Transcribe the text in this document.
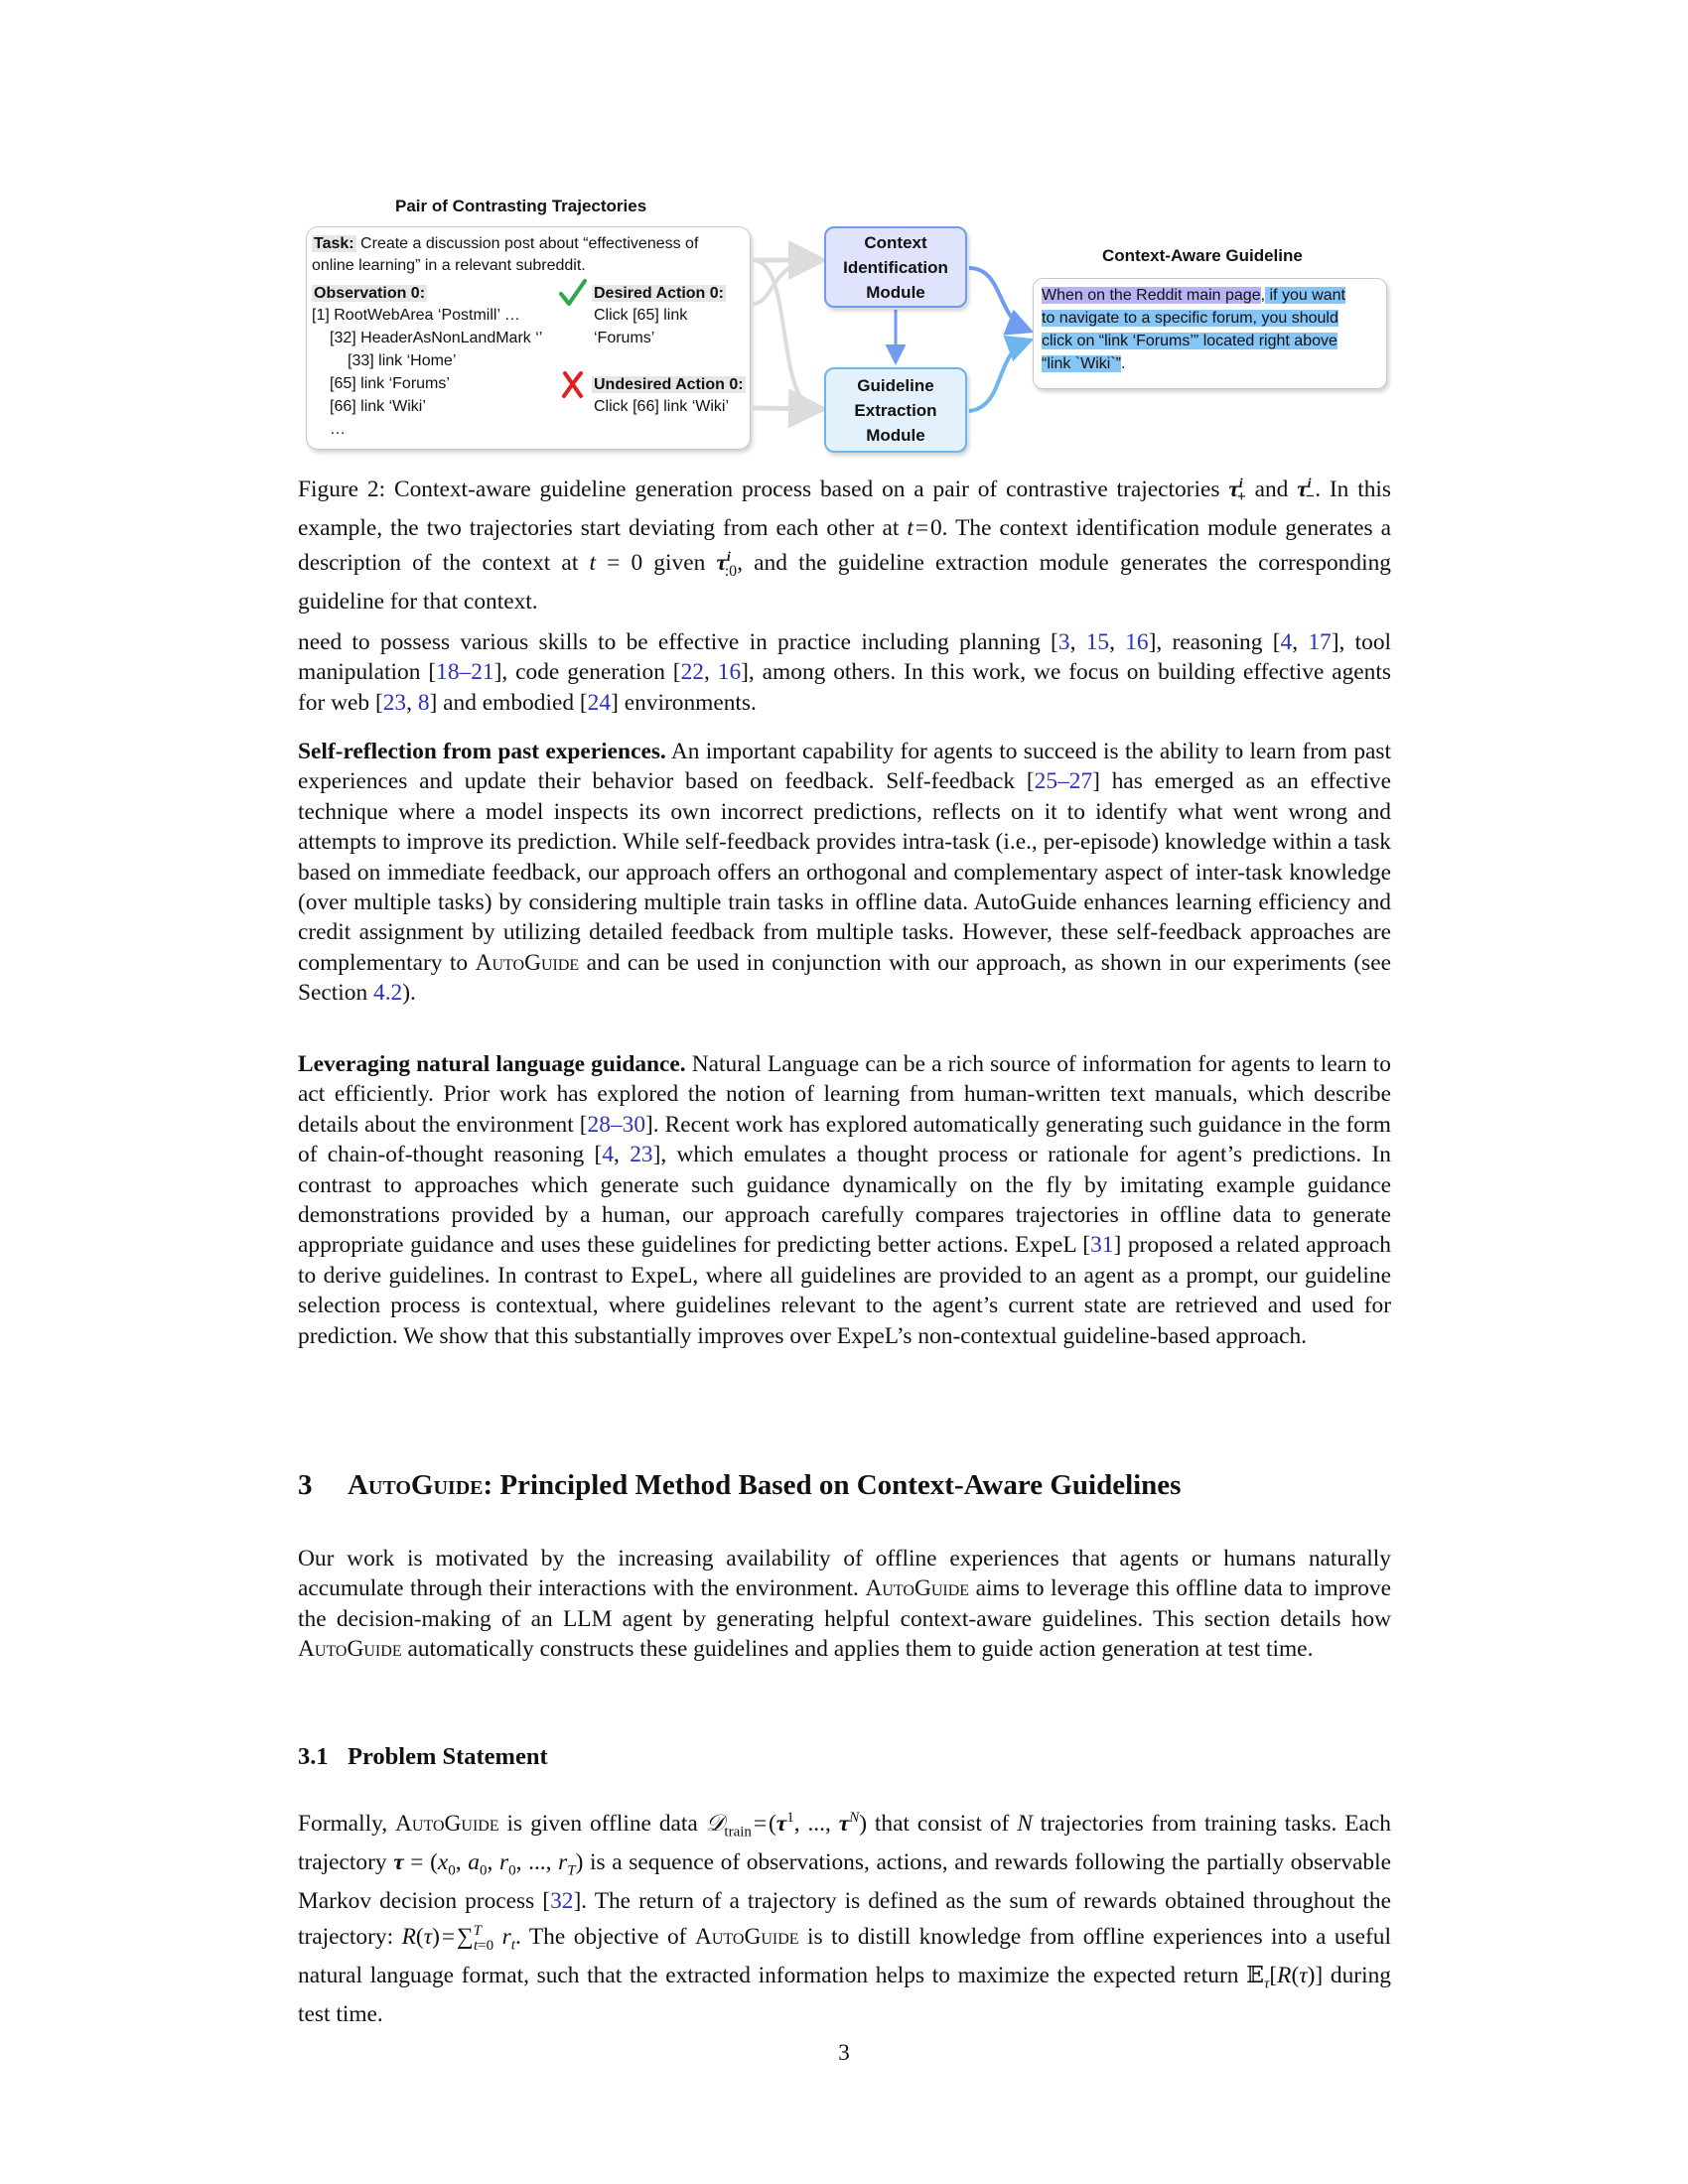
Pair of Contrasting Trajectories
Task: Create a discussion post about “effectiveness of
online learning” in a relevant subreddit.
Observation 0:
[1] RootWebArea ‘Postmill’ …
[32] HeaderAsNonLandMark ‘’
[33] link ‘Home’
[65] link ‘Forums’
[66] link ‘Wiki’
…
Desired Action 0:
Click [65] link
‘Forums’
Undesired Action 0:
Click [66] link ‘Wiki’
Context
Identification
Module
Guideline
Extraction
Module
Context-Aware Guideline
When on the Reddit main page, if you want
to navigate to a specific forum, you should
click on “link ‘Forums’” located right above
“link `Wiki`”.
Figure 2: Context-aware guideline generation process based on a pair of contrastive trajectories $\tau^i_+$ and $\tau^i_-$. In this example, the two trajectories start deviating from each other at t = 0. The context identification module generates a description of the context at t = 0 given $\tau^i_{:0}$, and the guideline extraction module generates the corresponding guideline for that context.
need to possess various skills to be effective in practice including planning [3, 15, 16], reasoning [4, 17], tool manipulation [18–21], code generation [22, 16], among others. In this work, we focus on building effective agents for web [23, 8] and embodied [24] environments.
Self-reflection from past experiences. An important capability for agents to succeed is the ability to learn from past experiences and update their behavior based on feedback. Self-feedback [25–27] has emerged as an effective technique where a model inspects its own incorrect predictions, reflects on it to identify what went wrong and attempts to improve its prediction. While self-feedback provides intra-task (i.e., per-episode) knowledge within a task based on immediate feedback, our approach offers an orthogonal and complementary aspect of inter-task knowledge (over multiple tasks) by considering multiple train tasks in offline data. AutoGuide enhances learning efficiency and credit assignment by utilizing detailed feedback from multiple tasks. However, these self-feedback approaches are complementary to AutoGuide and can be used in conjunction with our approach, as shown in our experiments (see Section 4.2).
Leveraging natural language guidance. Natural Language can be a rich source of information for agents to learn to act efficiently. Prior work has explored the notion of learning from human-written text manuals, which describe details about the environment [28–30]. Recent work has explored automatically generating such guidance in the form of chain-of-thought reasoning [4, 23], which emulates a thought process or rationale for agent’s predictions. In contrast to approaches which generate such guidance dynamically on the fly by imitating example guidance demonstrations provided by a human, our approach carefully compares trajectories in offline data to generate appropriate guidance and uses these guidelines for predicting better actions. ExpeL [31] proposed a related approach to derive guidelines. In contrast to ExpeL, where all guidelines are provided to an agent as a prompt, our guideline selection process is contextual, where guidelines relevant to the agent’s current state are retrieved and used for prediction. We show that this substantially improves over ExpeL’s non-contextual guideline-based approach.
3 AutoGuide: Principled Method Based on Context-Aware Guidelines
Our work is motivated by the increasing availability of offline experiences that agents or humans naturally accumulate through their interactions with the environment. AutoGuide aims to leverage this offline data to improve the decision-making of an LLM agent by generating helpful context-aware guidelines. This section details how AutoGuide automatically constructs these guidelines and applies them to guide action generation at test time.
3.1 Problem Statement
Formally, AutoGuide is given offline data 𝒟$_{train}$ = ($\tau^1$, ..., $\tau^N$) that consist of N trajectories from training tasks. Each trajectory $\tau = (x_0$, $a_0$, $r_0$, ..., $r_T$) is a sequence of observations, actions, and rewards following the partially observable Markov decision process [32]. The return of a trajectory is defined as the sum of rewards obtained throughout the trajectory: R(τ) = ∑$^T_{t=0}$ $r_t$. The objective of AutoGuide is to distill knowledge from offline experiences into a useful natural language format, such that the extracted information helps to maximize the expected return 𝔼$_\tau$[R(τ)] during test time.
3
